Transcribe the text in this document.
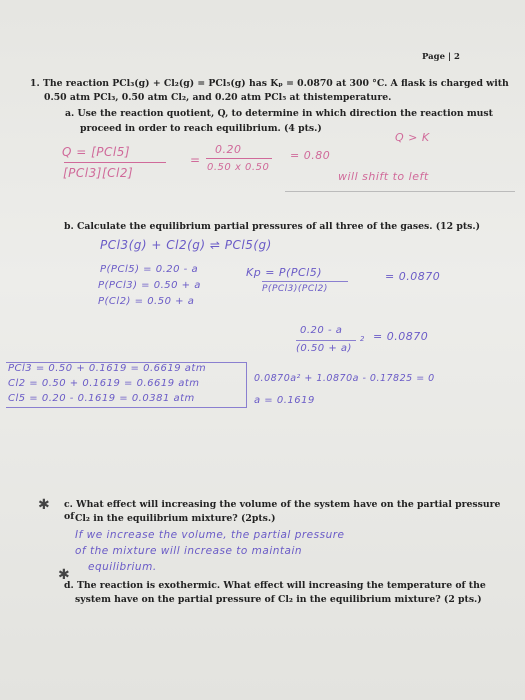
Page | 2
1. The reaction PCl₃(g) + Cl₂(g) = PCl₅(g) has Kₚ = 0.0870 at 300 °C. A flask is charged with
0.50 atm PCl₃, 0.50 atm Cl₂, and 0.20 atm PCl₅ at thistemperature.
a. Use the reaction quotient, Q, to determine in which direction the reaction must
proceed in order to reach equilibrium. (4 pts.)
Q = [PCl5]
[PCl3][Cl2]
=
0.20
0.50 x 0.50
= 0.80
Q > K
will shift to left
b. Calculate the equilibrium partial pressures of all three of the gases. (12 pts.)
PCl3(g) + Cl2(g) ⇌ PCl5(g)
P(PCl5) = 0.20 - a
P(PCl3) = 0.50 + a
P(Cl2) = 0.50 + a
Kp = P(PCl5)
P(PCl3)(PCl2)
= 0.0870
0.20 - a
(0.50 + a)
2 = 0.0870
PCl3 = 0.50 + 0.1619 = 0.6619 atm
Cl2 = 0.50 + 0.1619 = 0.6619 atm
Cl5 = 0.20 - 0.1619 = 0.0381 atm
0.0870a² + 1.0870a - 0.17825 = 0
a = 0.1619
✱ c. What effect will increasing the volume of the system have on the partial pressure of Cl₂ in the equilibrium mixture? (2pts.)
If we increase the volume, the partial pressure
of the mixture will increase to maintain
equilibrium.
✱
d. The reaction is exothermic. What effect will increasing the temperature of the
system have on the partial pressure of Cl₂ in the equilibrium mixture? (2 pts.)
